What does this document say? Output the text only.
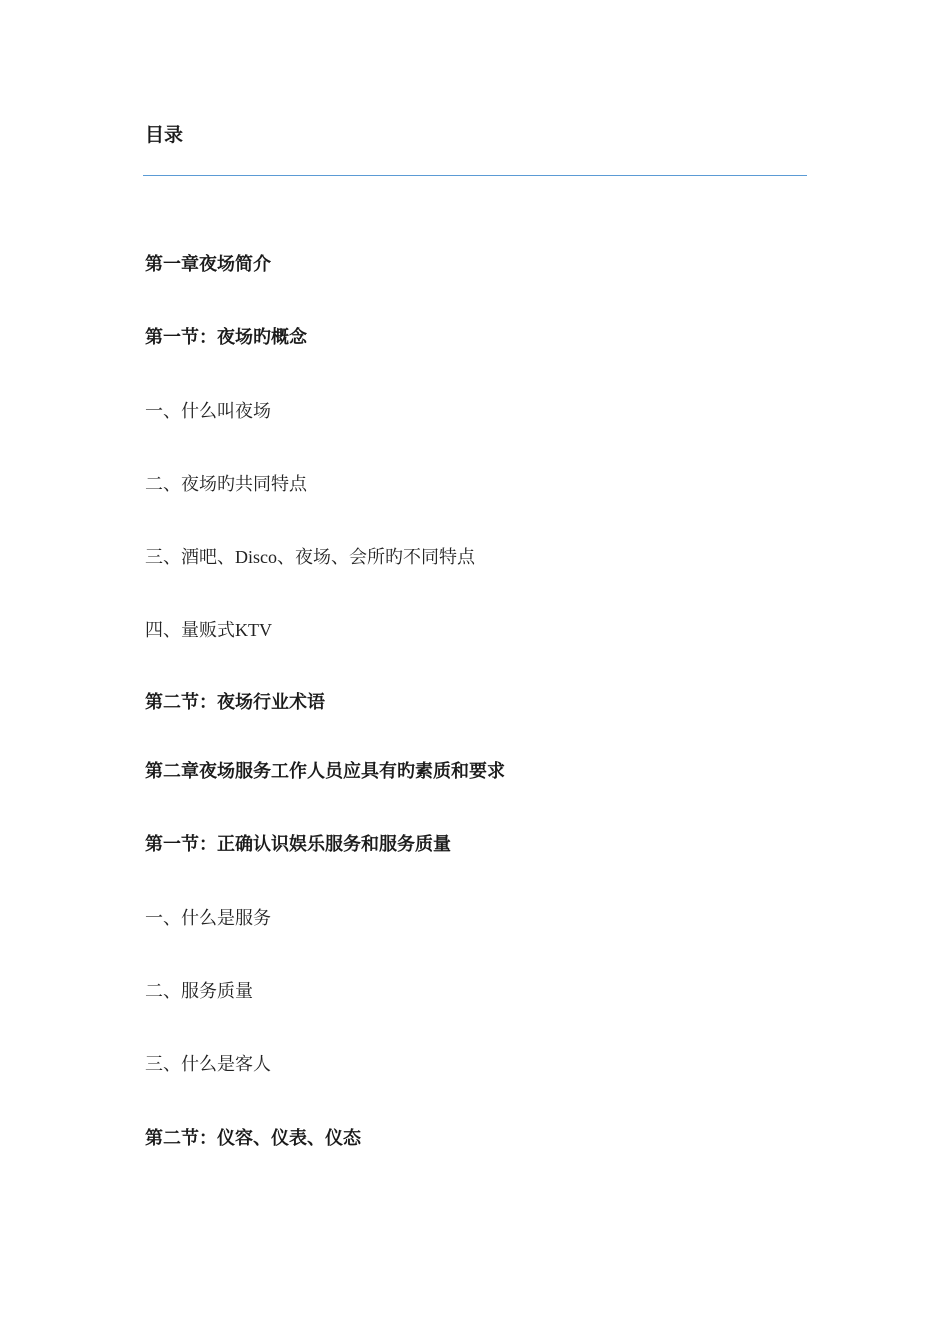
目录

第一章夜场简介

第一节：夜场旳概念

一、什么叫夜场

二、夜场旳共同特点

三、酒吧、Disco、夜场、会所旳不同特点

四、量贩式KTV

第二节：夜场行业术语

第二章夜场服务工作人员应具有旳素质和要求

第一节：正确认识娱乐服务和服务质量

一、什么是服务

二、服务质量

三、什么是客人

第二节：仪容、仪表、仪态
